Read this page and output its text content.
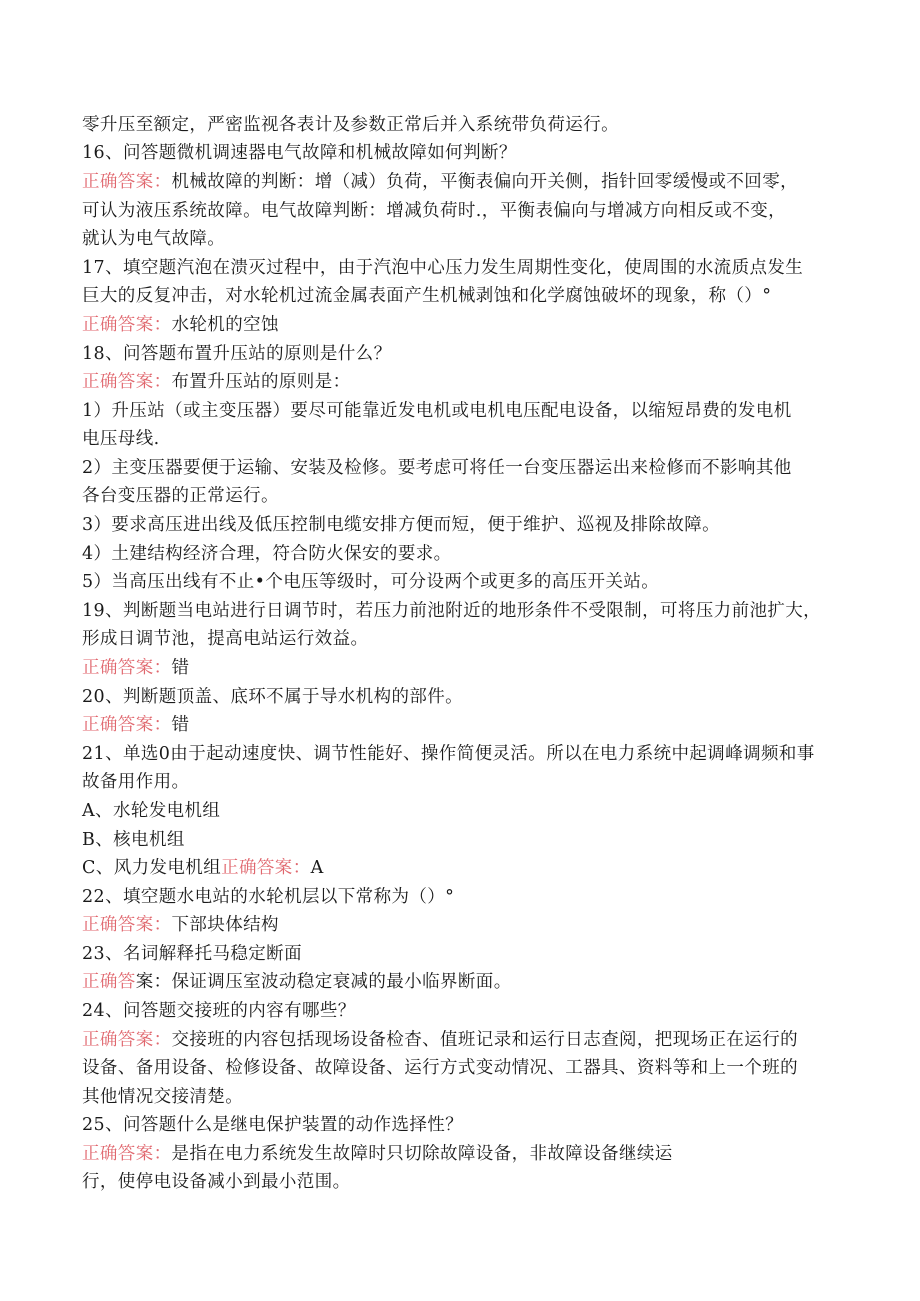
零升压至额定，严密监视各表计及参数正常后并入系统带负荷运行。
16、问答题微机调速器电气故障和机械故障如何判断？
正确答案：机械故障的判断：增（减）负荷，平衡表偏向开关侧，指针回零缓慢或不回零，
可认为液压系统故障。电气故障判断：增减负荷时.，平衡表偏向与增减方向相反或不变，
就认为电气故障。
17、填空题汽泡在溃灭过程中，由于汽泡中心压力发生周期性变化，使周围的水流质点发生
巨大的反复冲击，对水轮机过流金属表面产生机械剥蚀和化学腐蚀破坏的现象，称（）°
正确答案：水轮机的空蚀
18、问答题布置升压站的原则是什么？
正确答案：布置升压站的原则是：
1）升压站（或主变压器）要尽可能靠近发电机或电机电压配电设备，以缩短昂费的发电机
电压母线.
2）主变压器要便于运输、安装及检修。要考虑可将任一台变压器运出来检修而不影响其他
各台变压器的正常运行。
3）要求高压进出线及低压控制电缆安排方便而短，便于维护、巡视及排除故障。
4）土建结构经济合理，符合防火保安的要求。
5）当高压出线有不止•个电压等级时，可分设两个或更多的高压开关站。
19、判断题当电站进行日调节时，若压力前池附近的地形条件不受限制，可将压力前池扩大，
形成日调节池，提高电站运行效益。
正确答案：错
20、判断题顶盖、底环不属于导水机构的部件。
正确答案：错
21、单选0由于起动速度快、调节性能好、操作简便灵活。所以在电力系统中起调峰调频和事
故备用作用。
A、水轮发电机组
B、核电机组
C、风力发电机组正确答案：A
22、填空题水电站的水轮机层以下常称为（）°
正确答案：下部块体结构
23、名词解释托马稳定断面
正确答案：保证调压室波动稳定衰减的最小临界断面。
24、问答题交接班的内容有哪些？
正确答案：交接班的内容包括现场设备检杳、值班记录和运行日志查阅，把现场正在运行的
设备、备用设备、检修设备、故障设备、运行方式变动情况、工器具、资料等和上一个班的
其他情况交接清楚。
25、问答题什么是继电保护装置的动作选择性？
正确答案：是指在电力系统发生故障时只切除故障设备，非故障设备继续运
行，使停电设备减小到最小范围。
